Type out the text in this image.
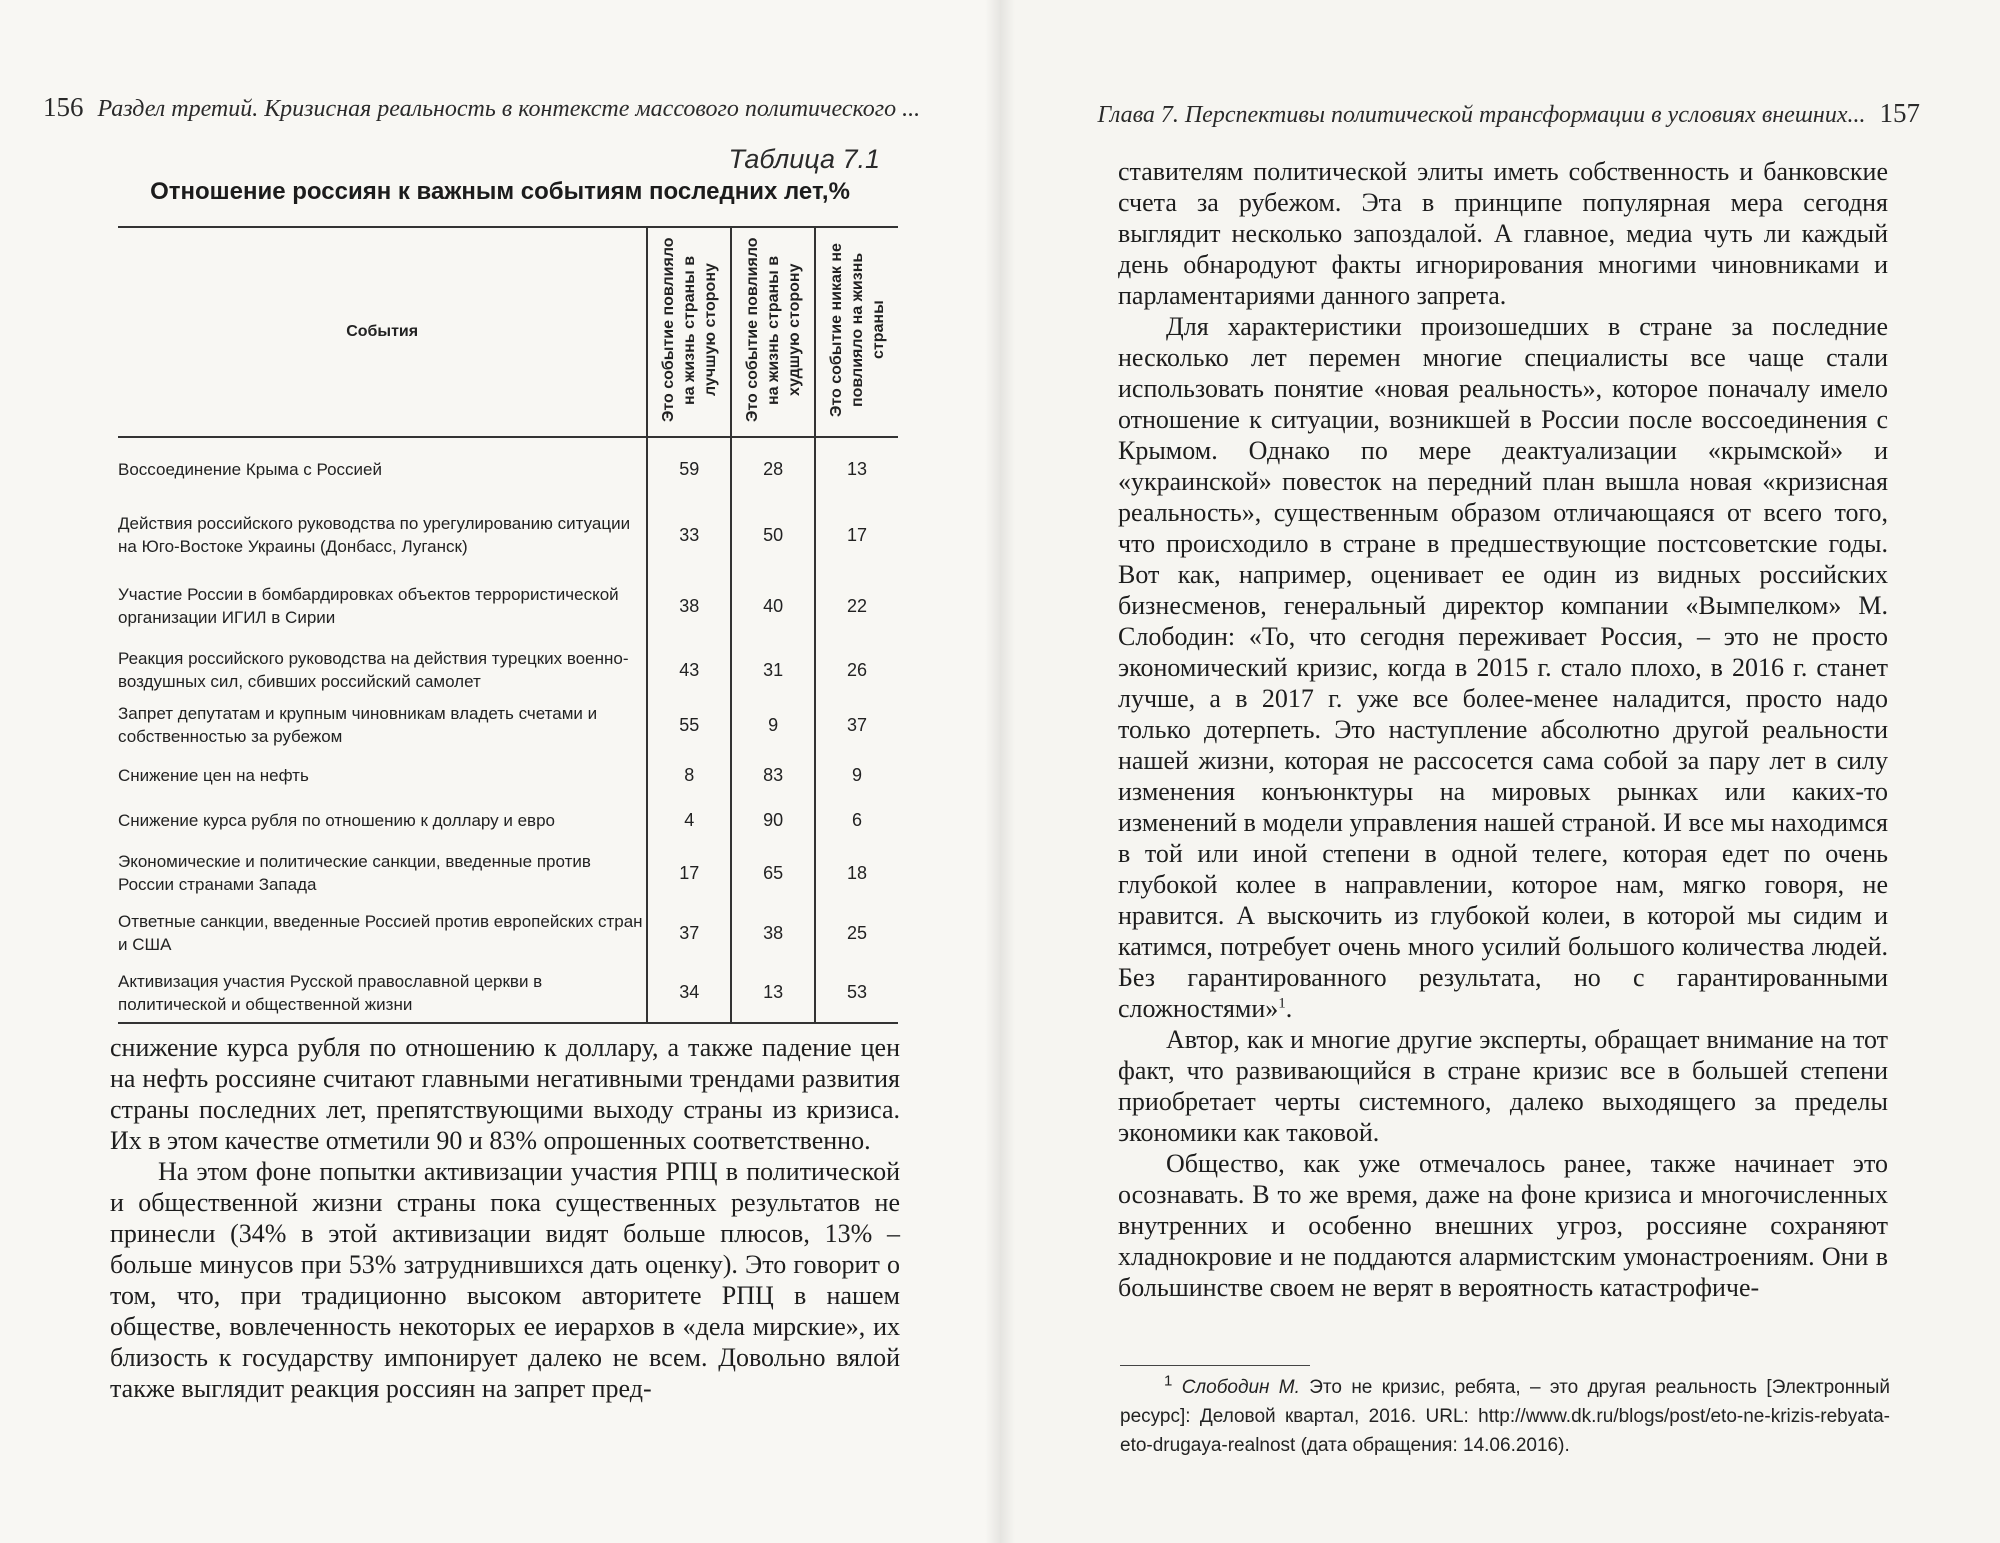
156 Раздел третий. Кризисная реальность в контексте массового политического ...	Глава 7. Перспективы политической трансформации в условиях внешних... 157
Таблица 7.1
Отношение россиян к важным событиям последних лет,%
События	Это событие повлияло на жизнь страны в лучшую сторону	Это событие повлияло на жизнь страны в худшую сторону	Это событие никак не повлияло на жизнь страны
Воссоединение Крыма с Россией	59	28	13
Действия российского руководства по урегулированию ситуации на Юго-Востоке Украины (Донбасс, Луганск)	33	50	17
Участие России в бомбардировках объектов террористической организации ИГИЛ в Сирии	38	40	22
Реакция российского руководства на действия турецких военно-воздушных сил, сбивших российский самолет	43	31	26
Запрет депутатам и крупным чиновникам владеть счетами и собственностью за рубежом	55	9	37
Снижение цен на нефть	8	83	9
Снижение курса рубля по отношению к доллару и евро	4	90	6
Экономические и политические санкции, введенные против России странами Запада	17	65	18
Ответные санкции, введенные Россией против европейских стран и США	37	38	25
Активизация участия Русской православной церкви в политической и общественной жизни	34	13	53

снижение курса рубля по отношению к доллару, а также падение цен на нефть россияне считают главными негативными трендами развития страны последних лет, препятствующими выходу страны из кризиса. Их в этом качестве отметили 90 и 83% опрошенных соответственно.

На этом фоне попытки активизации участия РПЦ в политической и общественной жизни страны пока существенных результатов не принесли (34% в этой активизации видят больше плюсов, 13% – больше минусов при 53% затруднившихся дать оценку). Это говорит о том, что, при традиционно высоком авторитете РПЦ в нашем обществе, вовлеченность некоторых ее иерархов в «дела мирские», их близость к государству импонирует далеко не всем. Довольно вялой также выглядит реакция россиян на запрет пред-

ставителям политической элиты иметь собственность и банковские счета за рубежом. Эта в принципе популярная мера сегодня выглядит несколько запоздалой. А главное, медиа чуть ли каждый день обнародуют факты игнорирования многими чиновниками и парламентариями данного запрета.

Для характеристики произошедших в стране за последние несколько лет перемен многие специалисты все чаще стали использовать понятие «новая реальность», которое поначалу имело отношение к ситуации, возникшей в России после воссоединения с Крымом. Однако по мере деактуализации «крымской» и «украинской» повесток на передний план вышла новая «кризисная реальность», существенным образом отличающаяся от всего того, что происходило в стране в предшествующие постсоветские годы. Вот как, например, оценивает ее один из видных российских бизнесменов, генеральный директор компании «Вымпелком» М. Слободин: «То, что сегодня переживает Россия, – это не просто экономический кризис, когда в 2015 г. стало плохо, в 2016 г. станет лучше, а в 2017 г. уже все более-менее наладится, просто надо только дотерпеть. Это наступление абсолютно другой реальности нашей жизни, которая не рассосется сама собой за пару лет в силу изменения конъюнктуры на мировых рынках или каких-то изменений в модели управления нашей страной. И все мы находимся в той или иной степени в одной телеге, которая едет по очень глубокой колее в направлении, которое нам, мягко говоря, не нравится. А выскочить из глубокой колеи, в которой мы сидим и катимся, потребует очень много усилий большого количества людей. Без гарантированного результата, но с гарантированными сложностями»$^1$.

Автор, как и многие другие эксперты, обращает внимание на тот факт, что развивающийся в стране кризис все в большей степени приобретает черты системного, далеко выходящего за пределы экономики как таковой.

Общество, как уже отмечалось ранее, также начинает это осознавать. В то же время, даже на фоне кризиса и многочисленных внутренних и особенно внешних угроз, россияне сохраняют хладнокровие и не поддаются алармистским умонастроениям. Они в большинстве своем не верят в вероятность катастрофиче-

$^1$ Слободин М. Это не кризис, ребята, – это другая реальность [Электронный ресурс]: Деловой квартал, 2016. URL: http://www.dk.ru/blogs/post/eto-ne-krizis-rebyata-eto-drugaya-realnost (дата обращения: 14.06.2016).
